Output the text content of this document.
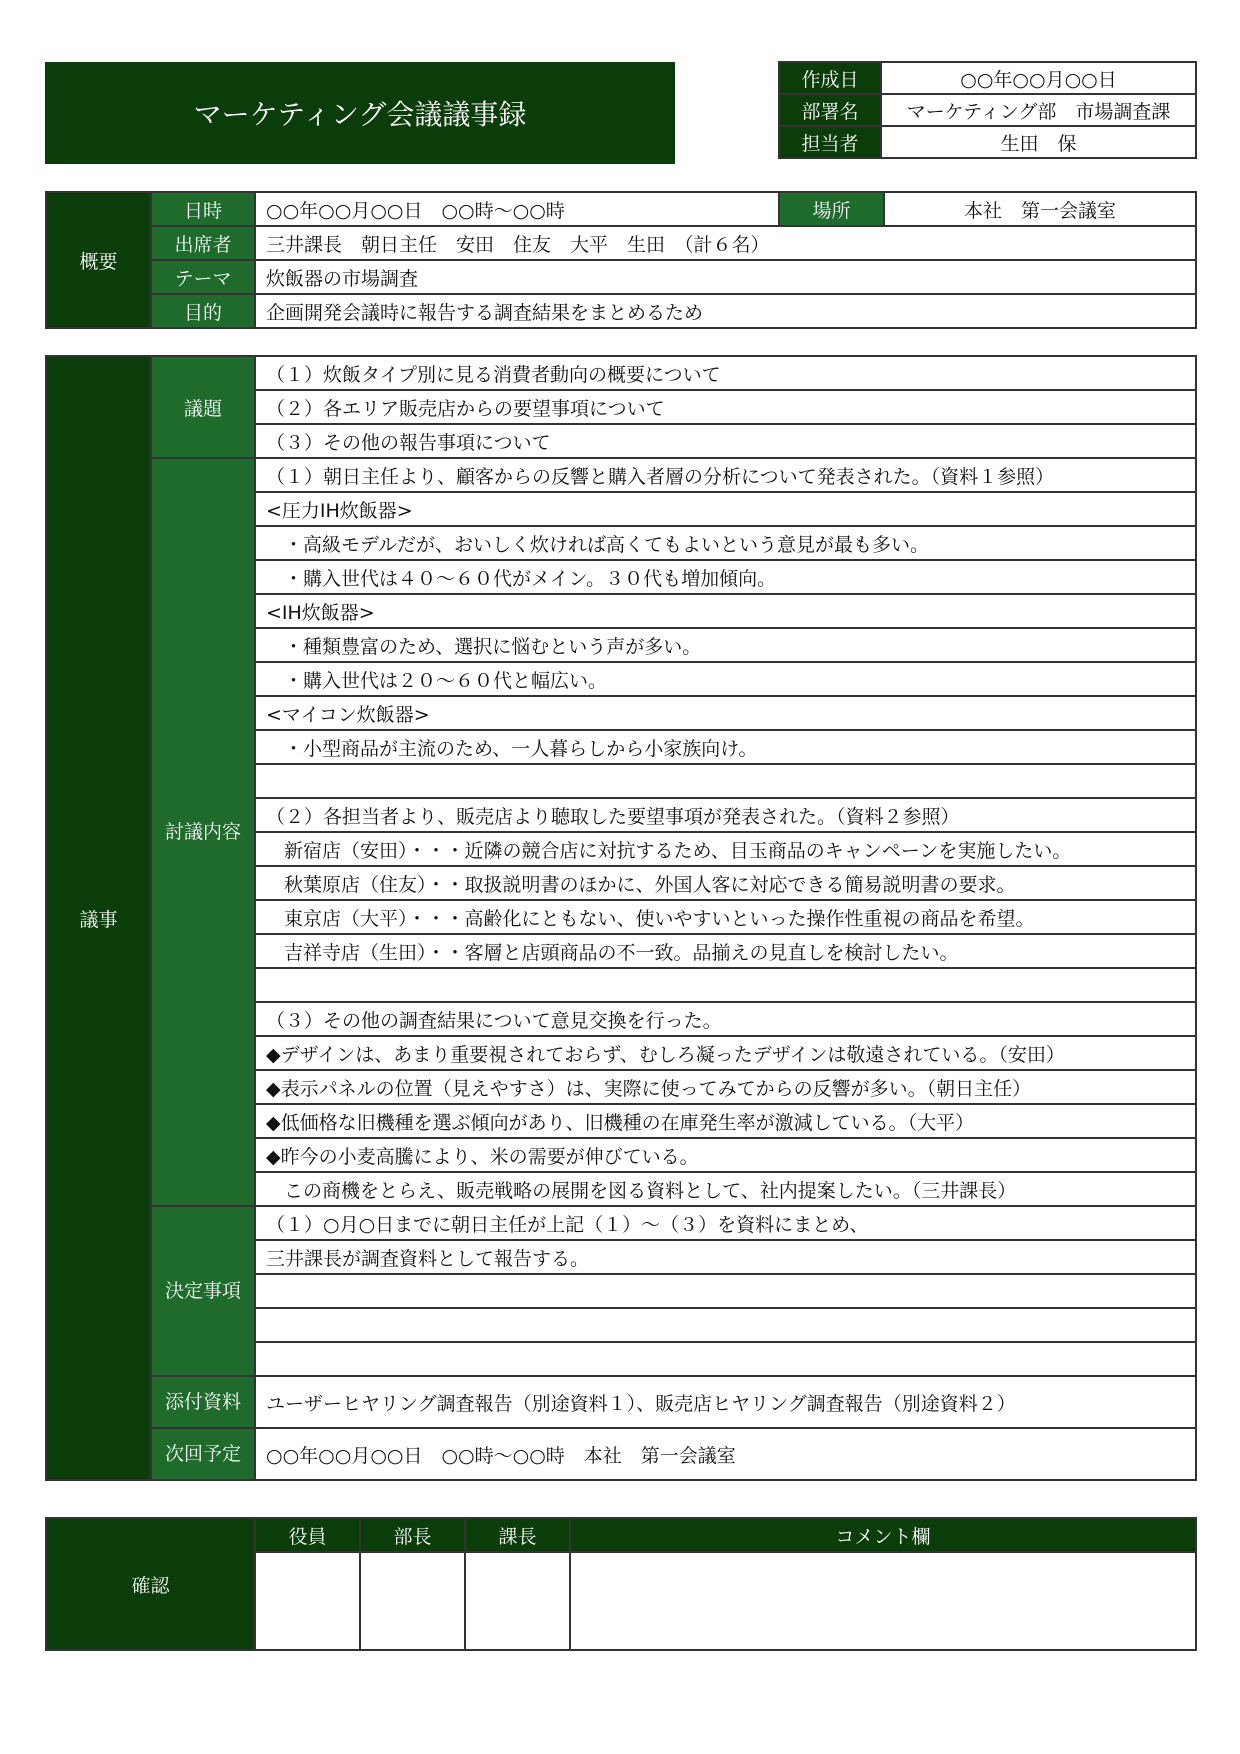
マーケティング会議議事録
作成日	○○年○○月○○日
部署名	マーケティング部　市場調査課
担当者	生田　保
概要	日時	○○年○○月○○日　○○時～○○時	場所	本社　第一会議室
	出席者	三井課長　朝日主任　安田　住友　大平　生田　（計６名）		
	テーマ	炊飯器の市場調査		
	目的	企画開発会議時に報告する調査結果をまとめるため		
議事	議題	（１）炊飯タイプ別に見る消費者動向の概要について
		（２）各エリア販売店からの要望事項について
		（３）その他の報告事項について
	討議内容	（１）朝日主任より、顧客からの反響と購入者層の分析について発表された。（資料１参照）
		<圧力IH炊飯器>
		・高級モデルだが、おいしく炊ければ高くてもよいという意見が最も多い。
		・購入世代は４０～６０代がメイン。３０代も増加傾向。
		<IH炊飯器>
		・種類豊富のため、選択に悩むという声が多い。
		・購入世代は２０～６０代と幅広い。
		<マイコン炊飯器>
		・小型商品が主流のため、一人暮らしから小家族向け。

		（２）各担当者より、販売店より聴取した要望事項が発表された。（資料２参照）
		新宿店（安田）・・・近隣の競合店に対抗するため、目玉商品のキャンペーンを実施したい。
		秋葉原店（住友）・・取扱説明書のほかに、外国人客に対応できる簡易説明書の要求。
		東京店（大平）・・・高齢化にともない、使いやすいといった操作性重視の商品を希望。
		吉祥寺店（生田）・・客層と店頭商品の不一致。品揃えの見直しを検討したい。

		（３）その他の調査結果について意見交換を行った。
		◆デザインは、あまり重要視されておらず、むしろ凝ったデザインは敬遠されている。（安田）
		◆表示パネルの位置（見えやすさ）は、実際に使ってみてからの反響が多い。（朝日主任）
		◆低価格な旧機種を選ぶ傾向があり、旧機種の在庫発生率が激減している。（大平）
		◆昨今の小麦高騰により、米の需要が伸びている。
		この商機をとらえ、販売戦略の展開を図る資料として、社内提案したい。（三井課長）
	決定事項	（１）○月○日までに朝日主任が上記（１）～（３）を資料にまとめ、
		三井課長が調査資料として報告する。

	添付資料	ユーザーヒヤリング調査報告（別途資料１）、販売店ヒヤリング調査報告（別途資料２）
	次回予定	○○年○○月○○日　○○時～○○時　本社　第一会議室
確認	役員	部長	課長	コメント欄
